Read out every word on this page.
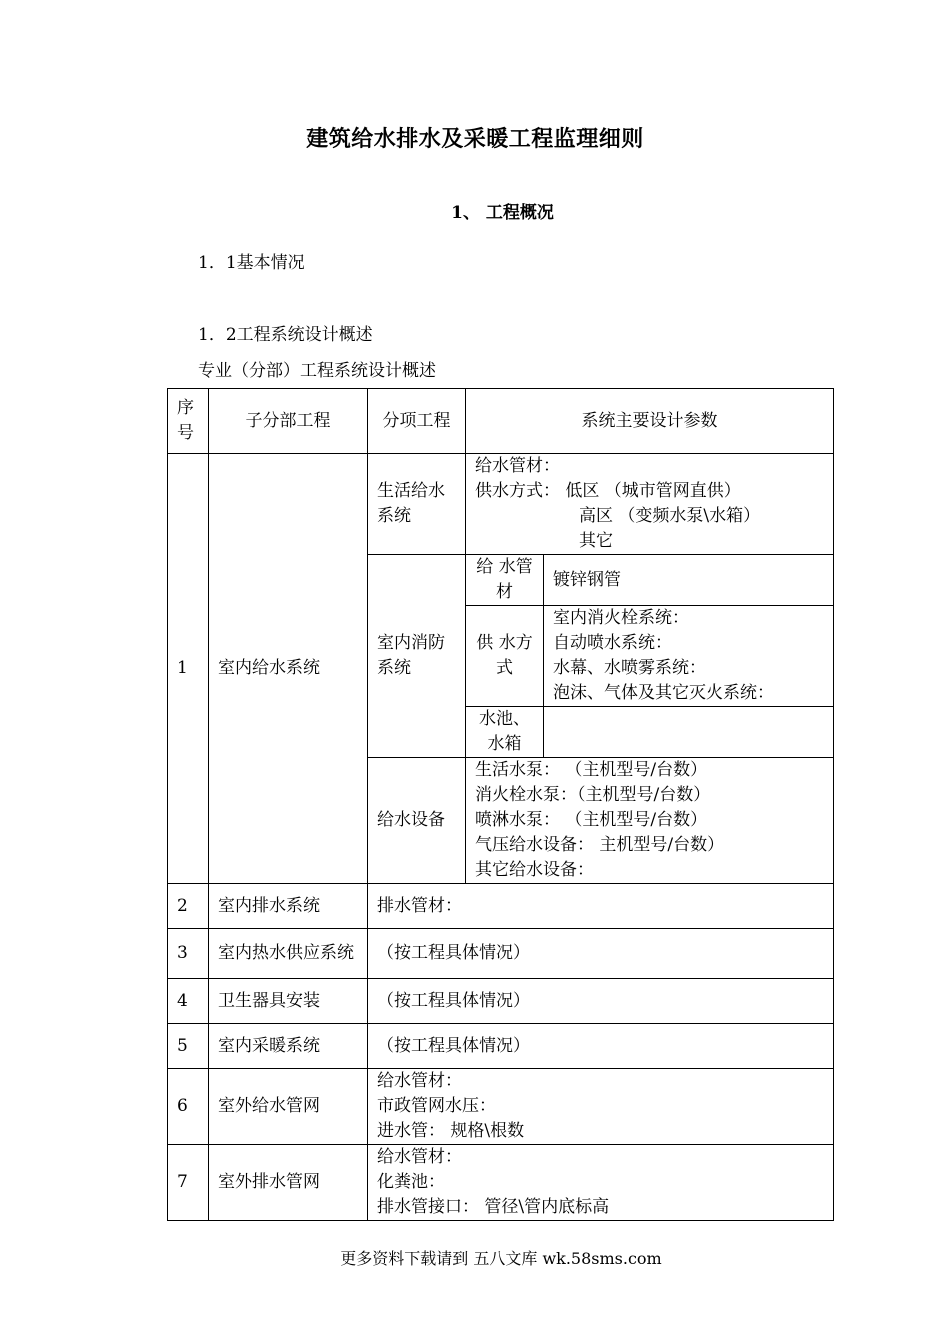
建筑给水排水及采暖工程监理细则
1、 工程概况
1．1基本情况
1．2工程系统设计概述
专业（分部）工程系统设计概述
序号	子分部工程	分项工程	系统主要设计参数	
1	室内给水系统	生活给水系统	给水管材：
供水方式： 低区 （城市管网直供）
高区 （变频水泵\水箱）
其它	

		室内消防系统	给 水管 材	镀锌钢管
			供 水方 式	室内消火栓系统：
自动喷水系统：
水幕、水喷雾系统：
泡沫、气体及其它灭火系统：

			水池、水箱	
		给水设备	生活水泵： （主机型号/台数）
消火栓水泵：（主机型号/台数）
喷淋水泵： （主机型号/台数）
气压给水设备： 主机型号/台数）
其它给水设备：	

2	室内排水系统	排水管材：		
3	室内热水供应系统	（按工程具体情况）		
4	卫生器具安装	（按工程具体情况）		
5	室内采暖系统	（按工程具体情况）		
6	室外给水管网	给水管材：
市政管网水压：
进水管： 规格\根数		

7	室外排水管网	给水管材：
化粪池：
排水管接口： 管径\管内底标高		
更多资料下载请到 五八文库 wk.58sms.com
